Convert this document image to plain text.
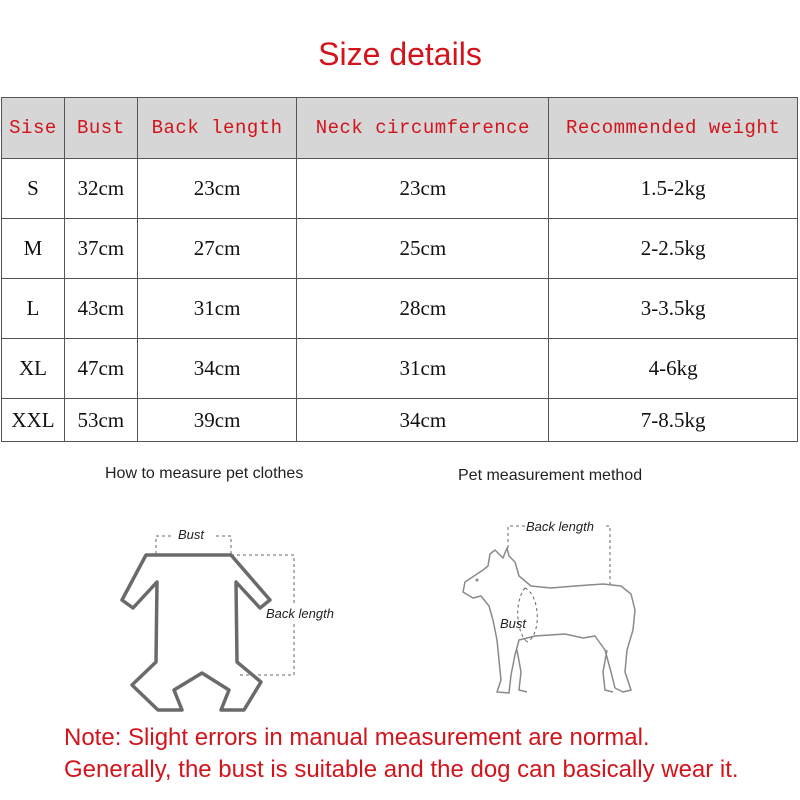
Size details
Sise	Bust	Back length	Neck circumference	Recommended weight
S	32cm	23cm	23cm	1.5-2kg
M	37cm	27cm	25cm	2-2.5kg
L	43cm	31cm	28cm	3-3.5kg
XL	47cm	34cm	31cm	4-6kg
XXL	53cm	39cm	34cm	7-8.5kg
How to measure pet clothes	Pet measurement method
Bust
Back length
Back length
Bust
Note: Slight errors in manual measurement are normal.
Generally, the bust is suitable and the dog can basically wear it.
